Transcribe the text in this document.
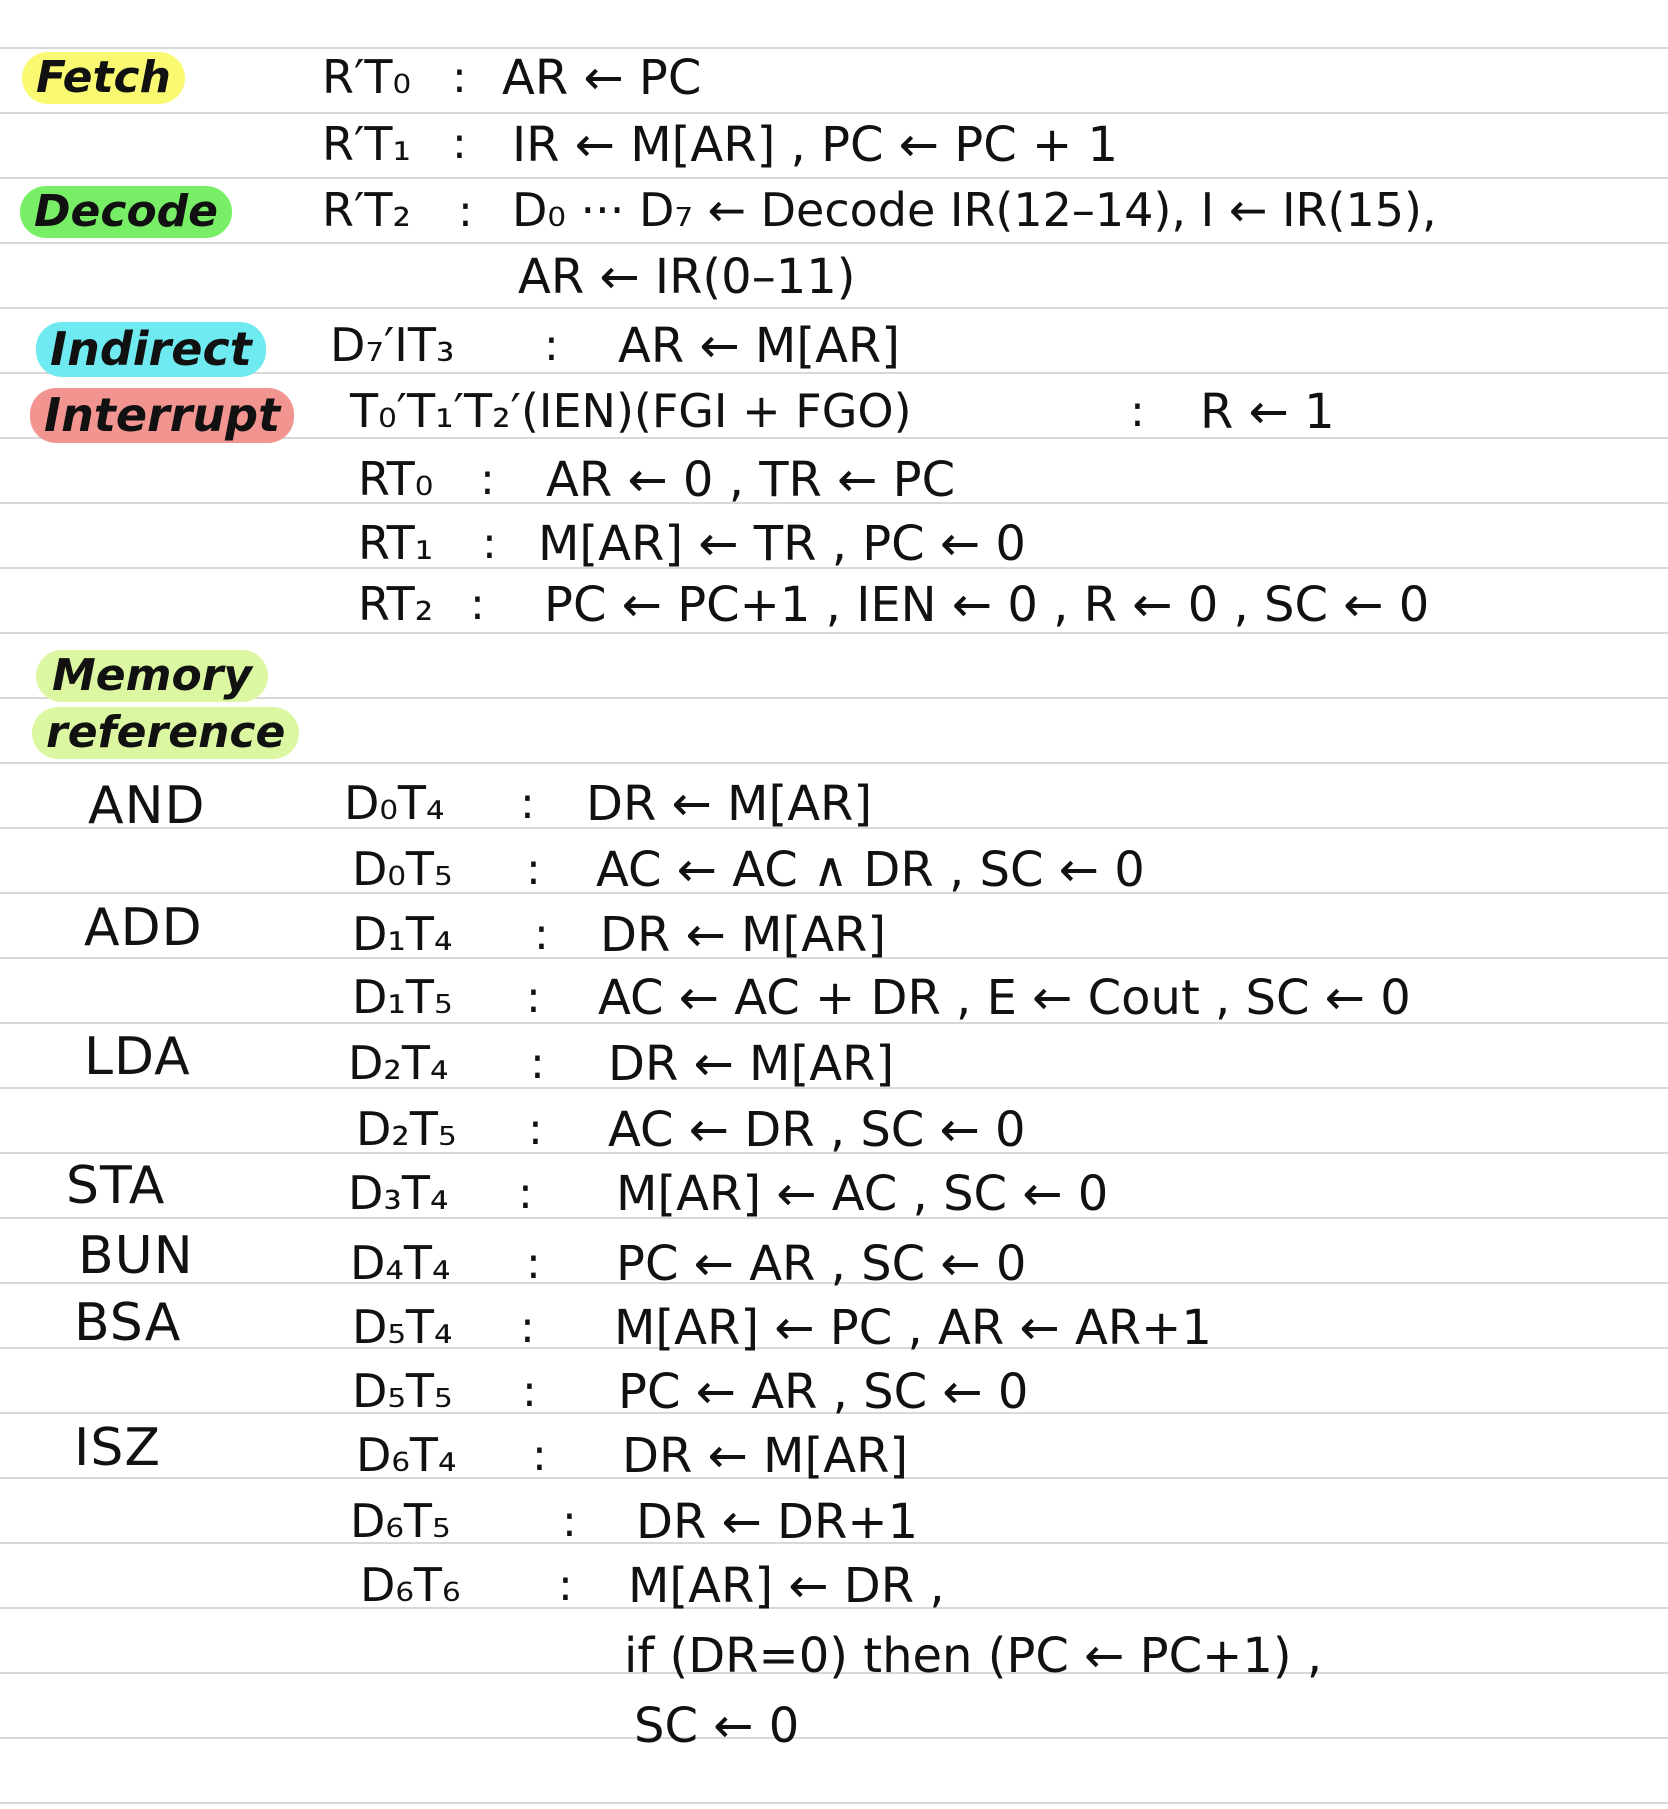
Fetch
Decode
Indirect
Interrupt
Memory
reference
AND
ADD
LDA
STA
BUN
BSA
ISZ
R′T₀ : AR ← PC
R′T₁ : IR ← M[AR] , PC ← PC + 1
R′T₂ : D₀ ··· D₇ ← Decode IR(12–14), I ← IR(15),
AR ← IR(0–11)
D₇′IT₃ : AR ← M[AR]
T₀′T₁′T₂′(IEN)(FGI + FGO)	: R ← 1
RT₀ : AR ← 0 , TR ← PC
RT₁ : M[AR] ← TR , PC ← 0
RT₂ : PC ← PC+1 , IEN ← 0 , R ← 0 , SC ← 0
D₀T₄ : DR ← M[AR]
D₀T₅ : AC ← AC ∧ DR , SC ← 0
D₁T₄ : DR ← M[AR]
D₁T₅ : AC ← AC + DR , E ← Cout , SC ← 0
D₂T₄ : DR ← M[AR]
D₂T₅ : AC ← DR , SC ← 0
D₃T₄ : M[AR] ← AC , SC ← 0
D₄T₄ : PC ← AR , SC ← 0
D₅T₄ : M[AR] ← PC , AR ← AR+1
D₅T₅ : PC ← AR , SC ← 0
D₆T₄ : DR ← M[AR]
D₆T₅	: DR ← DR+1
D₆T₆ : M[AR] ← DR ,
if (DR=0) then (PC ← PC+1) ,
SC ← 0
